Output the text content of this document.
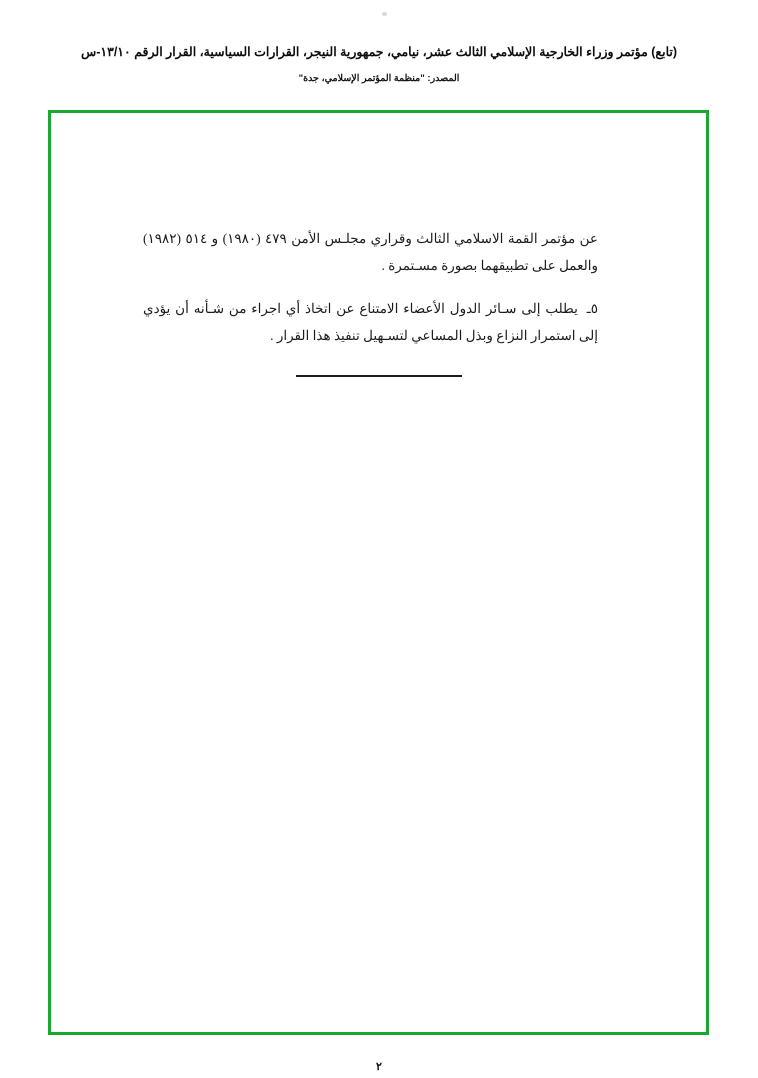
(تابع) مؤتمر وزراء الخارجية الإسلامي الثالث عشر، نيامي، جمهورية النيجر، القرارات السياسية، القرار الرقم ١٣/١٠-س
المصدر: "منظمة المؤتمر الإسلامي، جدة"

عن مؤتمر القمة الاسلامي الثالث وقراري مجلـس الأمن ٤٧٩ (١٩٨٠) و ٥١٤ (١٩٨٢) والعمل على تطبيقهما بصورة مسـتمرة .

٥ـ يطلب إلى سـائر الدول الأعضاء الامتناع عن اتخاذ أي اجراء من شـأنه أن يؤدي إلى استمرار النزاع وبذل المساعي لتسـهيل تنفيذ هذا القرار .

٢
